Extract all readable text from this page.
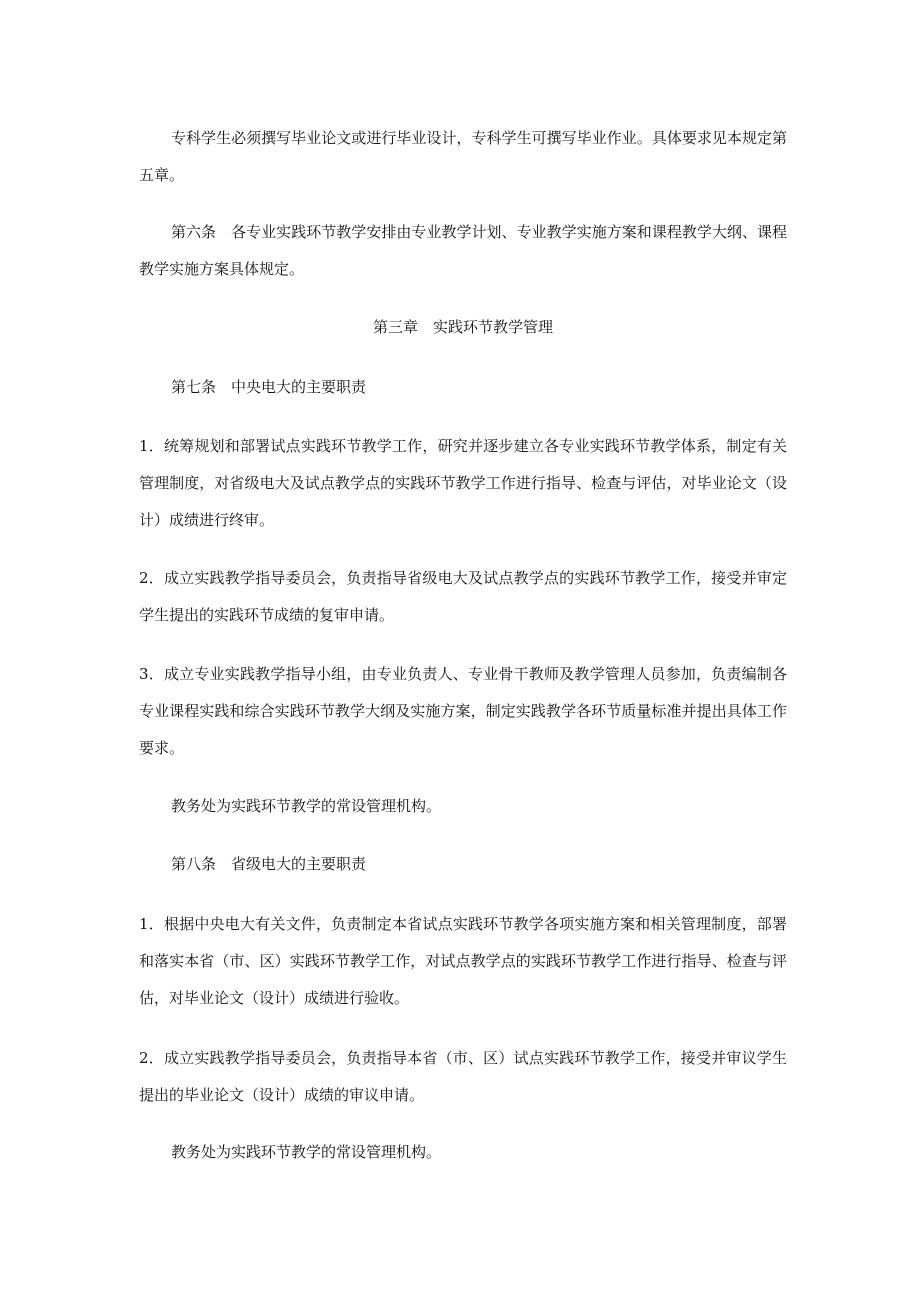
专科学生必须撰写毕业论文或进行毕业设计，专科学生可撰写毕业作业。具体要求见本规定第五章。

第六条　各专业实践环节教学安排由专业教学计划、专业教学实施方案和课程教学大纲、课程教学实施方案具体规定。

第三章　实践环节教学管理

第七条　中央电大的主要职责

1．统筹规划和部署试点实践环节教学工作，研究并逐步建立各专业实践环节教学体系，制定有关管理制度，对省级电大及试点教学点的实践环节教学工作进行指导、检查与评估，对毕业论文（设计）成绩进行终审。

2．成立实践教学指导委员会，负责指导省级电大及试点教学点的实践环节教学工作，接受并审定学生提出的实践环节成绩的复审申请。

3．成立专业实践教学指导小组，由专业负责人、专业骨干教师及教学管理人员参加，负责编制各专业课程实践和综合实践环节教学大纲及实施方案，制定实践教学各环节质量标准并提出具体工作要求。

教务处为实践环节教学的常设管理机构。

第八条　省级电大的主要职责

1．根据中央电大有关文件，负责制定本省试点实践环节教学各项实施方案和相关管理制度，部署和落实本省（市、区）实践环节教学工作，对试点教学点的实践环节教学工作进行指导、检查与评估，对毕业论文（设计）成绩进行验收。

2．成立实践教学指导委员会，负责指导本省（市、区）试点实践环节教学工作，接受并审议学生提出的毕业论文（设计）成绩的审议申请。

教务处为实践环节教学的常设管理机构。
